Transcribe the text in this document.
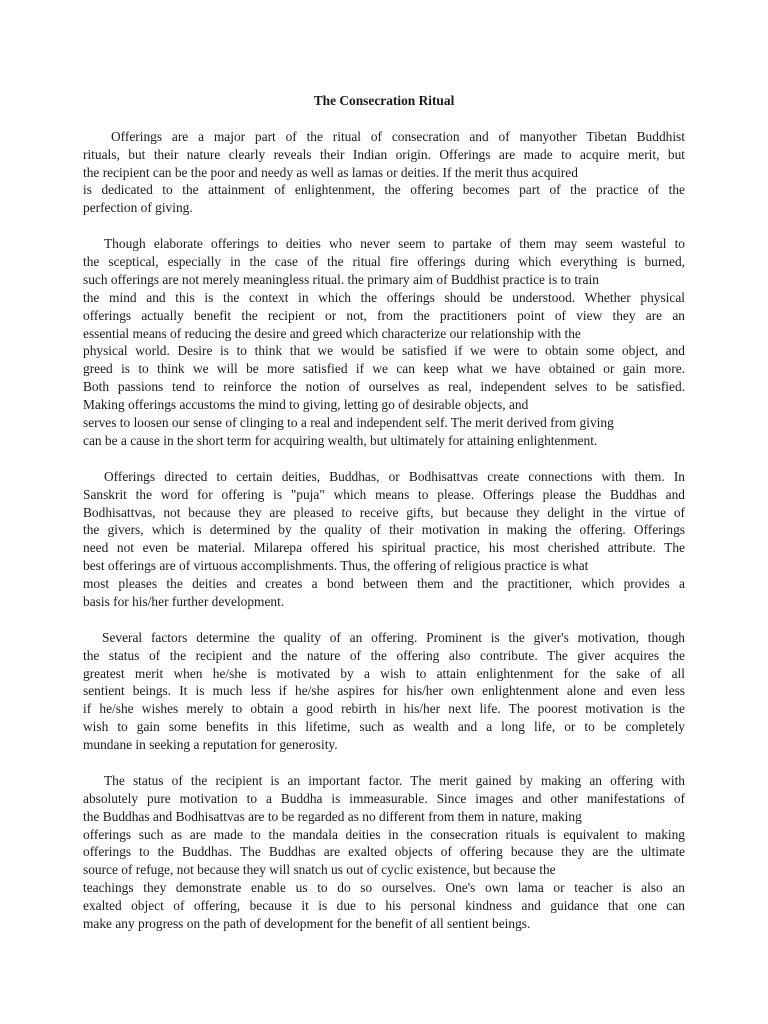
The Consecration Ritual
Offerings are a major part of the ritual of consecration and of manyother Tibetan Buddhist
rituals, but their nature clearly reveals their Indian origin. Offerings are made to acquire merit, but
the recipient can be the poor and needy as well as lamas or deities. If the merit thus acquired
is dedicated to the attainment of enlightenment, the offering becomes part of the practice of the
perfection of giving.
Though elaborate offerings to deities who never seem to partake of them may seem wasteful to
the sceptical, especially in the case of the ritual fire offerings during which everything is burned,
such offerings are not merely meaningless ritual. the primary aim of Buddhist practice is to train
the mind and this is the context in which the offerings should be understood. Whether physical
offerings actually benefit the recipient or not, from the practitioners point of view they are an
essential means of reducing the desire and greed which characterize our relationship with the
physical world. Desire is to think that we would be satisfied if we were to obtain some object, and
greed is to think we will be more satisfied if we can keep what we have obtained or gain more.
Both passions tend to reinforce the notion of ourselves as real, independent selves to be satisfied.
Making offerings accustoms the mind to giving, letting go of desirable objects, and
serves to loosen our sense of clinging to a real and independent self. The merit derived from giving
can be a cause in the short term for acquiring wealth, but ultimately for attaining enlightenment.
Offerings directed to certain deities, Buddhas, or Bodhisattvas create connections with them. In
Sanskrit the word for offering is "puja" which means to please. Offerings please the Buddhas and
Bodhisattvas, not because they are pleased to receive gifts, but because they delight in the virtue of
the givers, which is determined by the quality of their motivation in making the offering. Offerings
need not even be material. Milarepa offered his spiritual practice, his most cherished attribute. The
best offerings are of virtuous accomplishments. Thus, the offering of religious practice is what
most pleases the deities and creates a bond between them and the practitioner, which provides a
basis for his/her further development.
Several factors determine the quality of an offering. Prominent is the giver's motivation, though
the status of the recipient and the nature of the offering also contribute. The giver acquires the
greatest merit when he/she is motivated by a wish to attain enlightenment for the sake of all
sentient beings. It is much less if he/she aspires for his/her own enlightenment alone and even less
if he/she wishes merely to obtain a good rebirth in his/her next life. The poorest motivation is the
wish to gain some benefits in this lifetime, such as wealth and a long life, or to be completely
mundane in seeking a reputation for generosity.
The status of the recipient is an important factor. The merit gained by making an offering with
absolutely pure motivation to a Buddha is immeasurable. Since images and other manifestations of
the Buddhas and Bodhisattvas are to be regarded as no different from them in nature, making
offerings such as are made to the mandala deities in the consecration rituals is equivalent to making
offerings to the Buddhas. The Buddhas are exalted objects of offering because they are the ultimate
source of refuge, not because they will snatch us out of cyclic existence, but because the
teachings they demonstrate enable us to do so ourselves. One's own lama or teacher is also an
exalted object of offering, because it is due to his personal kindness and guidance that one can
make any progress on the path of development for the benefit of all sentient beings.
